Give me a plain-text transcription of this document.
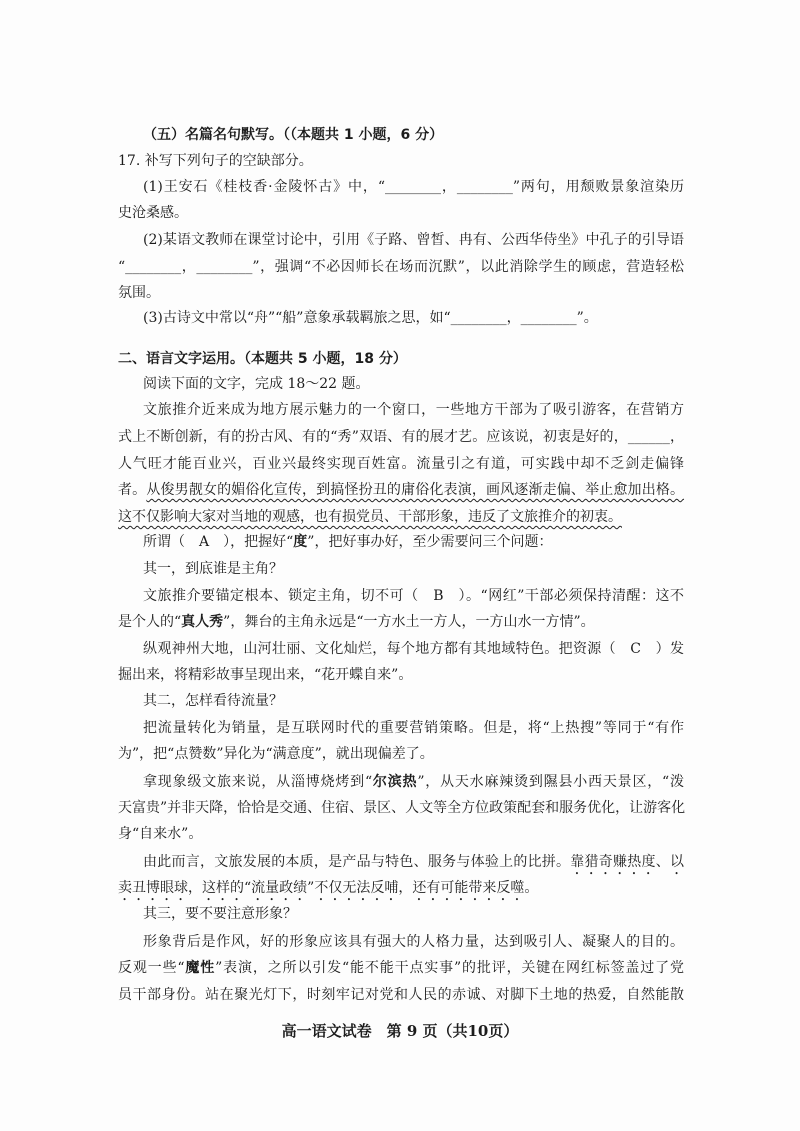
（五）名篇名句默写。（（本题共 1 小题，6 分）
17. 补写下列句子的空缺部分。
(1)王安石《桂枝香·金陵怀古》中，“________，________”两句，用颓败景象渲染历
史沧桑感。
(2)某语文教师在课堂讨论中，引用《子路、曾皙、冉有、公西华侍坐》中孔子的引导语
“________，________”，强调“不必因师长在场而沉默”，以此消除学生的顾虑，营造轻松
氛围。
(3)古诗文中常以“舟”“船”意象承载羁旅之思，如“________，________”。
二、语言文字运用。（本题共 5 小题，18 分）
阅读下面的文字，完成 18～22 题。
文旅推介近来成为地方展示魅力的一个窗口，一些地方干部为了吸引游客，在营销方
式上不断创新，有的扮古风、有的“秀”双语、有的展才艺。应该说，初衷是好的，______，
人气旺才能百业兴，百业兴最终实现百姓富。流量引之有道，可实践中却不乏剑走偏锋
者。从俊男靓女的媚俗化宣传，到搞怪扮丑的庸俗化表演，画风逐渐走偏、举止愈加出格。
这不仅影响大家对当地的观感，也有损党员、干部形象，违反了文旅推介的初衷。
所谓（　A　），把握好“度”，把好事办好，至少需要问三个问题：
其一，到底谁是主角？
文旅推介要锚定根本、锁定主角，切不可（　B　）。“网红”干部必须保持清醒：这不
是个人的“真人秀”，舞台的主角永远是“一方水土一方人，一方山水一方情”。
纵观神州大地，山河壮丽、文化灿烂，每个地方都有其地域特色。把资源（　C　）发
掘出来，将精彩故事呈现出来，“花开蝶自来”。
其二，怎样看待流量？
把流量转化为销量，是互联网时代的重要营销策略。但是，将“上热搜”等同于“有作
为”，把“点赞数”异化为“满意度”，就出现偏差了。
拿现象级文旅来说，从淄博烧烤到“尔滨热”，从天水麻辣烫到隰县小西天景区，“泼
天富贵”并非天降，恰恰是交通、住宿、景区、人文等全方位政策配套和服务优化，让游客化
身“自来水”。
由此而言，文旅发展的本质，是产品与特色、服务与体验上的比拼。靠猎奇赚热度、以
卖丑博眼球，这样的“流量政绩”不仅无法反哺，还有可能带来反噬。
其三，要不要注意形象？
形象背后是作风，好的形象应该具有强大的人格力量，达到吸引人、凝聚人的目的。
反观一些“魔性”表演，之所以引发“能不能干点实事”的批评，关键在网红标签盖过了党
员干部身份。站在聚光灯下，时刻牢记对党和人民的赤诚、对脚下土地的热爱，自然能散
高一语文试卷　第 9 页（共10页）
